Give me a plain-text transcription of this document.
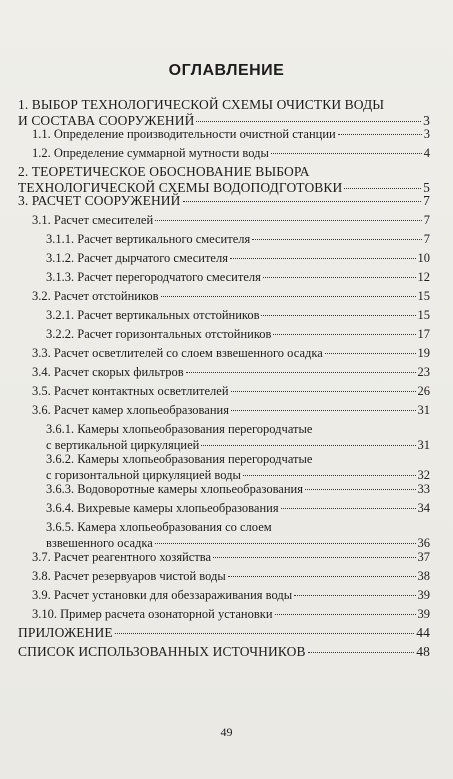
ОГЛАВЛЕНИЕ
1. ВЫБОР ТЕХНОЛОГИЧЕСКОЙ СХЕМЫ ОЧИСТКИ ВОДЫ
И СОСТАВА СООРУЖЕНИЙ	3
1.1. Определение производительности очистной станции	3
1.2. Определение суммарной мутности воды	4
2. ТЕОРЕТИЧЕСКОЕ ОБОСНОВАНИЕ ВЫБОРА
ТЕХНОЛОГИЧЕСКОЙ СХЕМЫ ВОДОПОДГОТОВКИ	5
3. РАСЧЕТ СООРУЖЕНИЙ	7
3.1. Расчет смесителей	7
3.1.1. Расчет вертикального смесителя	7
3.1.2. Расчет дырчатого смесителя	10
3.1.3. Расчет перегородчатого смесителя	12
3.2. Расчет отстойников	15
3.2.1. Расчет вертикальных отстойников	15
3.2.2. Расчет горизонтальных отстойников	17
3.3. Расчет осветлителей со слоем взвешенного осадка	19
3.4. Расчет скорых фильтров	23
3.5. Расчет контактных осветлителей	26
3.6. Расчет камер хлопьеобразования	31
3.6.1. Камеры хлопьеобразования перегородчатые
с вертикальной циркуляцией	31
3.6.2. Камеры хлопьеобразования перегородчатые
с горизонтальной циркуляцией воды	32
3.6.3. Водоворотные камеры хлопьеобразования	33
3.6.4. Вихревые камеры хлопьеобразования	34
3.6.5. Камера хлопьеобразования со слоем
взвешенного осадка	36
3.7. Расчет реагентного хозяйства	37
3.8. Расчет резервуаров чистой воды	38
3.9. Расчет установки для обеззараживания воды	39
3.10. Пример расчета озонаторной установки	39
ПРИЛОЖЕНИЕ	44
СПИСОК ИСПОЛЬЗОВАННЫХ ИСТОЧНИКОВ	48
49
